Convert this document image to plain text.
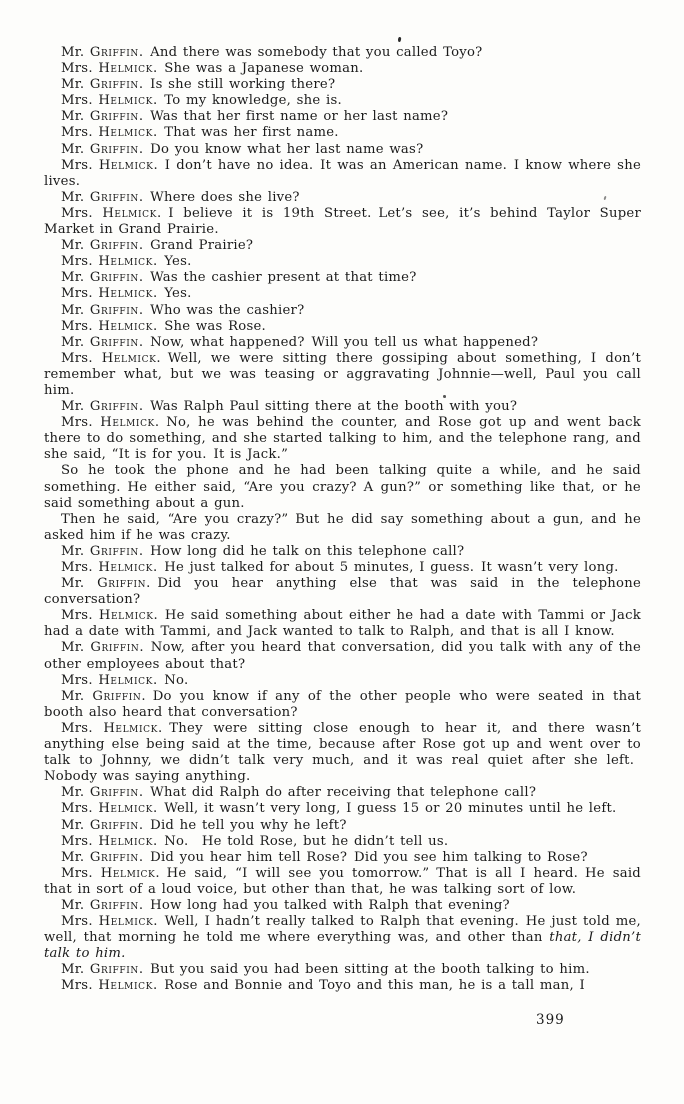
Mr. Griffin.  And there was somebody that you called Toyo?

Mrs. Helmick.  She was a Japanese woman.

Mr. Griffin.  Is she still working there?

Mrs. Helmick.  To my knowledge, she is.

Mr. Griffin.  Was that her first name or her last name?

Mrs. Helmick.  That was her first name.

Mr. Griffin.  Do you know what her last name was?

Mrs. Helmick.  I don’t have no idea. It was an American name. I know where she lives.

Mr. Griffin.  Where does she live?

Mrs. Helmick.  I believe it is 19th Street. Let’s see, it’s behind Taylor Super Market in Grand Prairie.

Mr. Griffin.  Grand Prairie?

Mrs. Helmick.  Yes.

Mr. Griffin.  Was the cashier present at that time?

Mrs. Helmick.  Yes.

Mr. Griffin.  Who was the cashier?

Mrs. Helmick.  She was Rose.

Mr. Griffin.  Now, what happened? Will you tell us what happened?

Mrs. Helmick.  Well, we were sitting there gossiping about something, I don’t remember what, but we was teasing or aggravating Johnnie—well, Paul you call him.

Mr. Griffin.  Was Ralph Paul sitting there at the booth with you?

Mrs. Helmick.  No, he was behind the counter, and Rose got up and went back there to do something, and she started talking to him, and the telephone rang, and she said, “It is for you. It is Jack.”

So he took the phone and he had been talking quite a while, and he said something. He either said, “Are you crazy? A gun?” or something like that, or he said something about a gun.

Then he said, “Are you crazy?” But he did say something about a gun, and he asked him if he was crazy.

Mr. Griffin.  How long did he talk on this telephone call?

Mrs. Helmick.  He just talked for about 5 minutes, I guess. It wasn’t very long.

Mr. Griffin.  Did you hear anything else that was said in the telephone conversation?

Mrs. Helmick.  He said something about either he had a date with Tammi or Jack had a date with Tammi, and Jack wanted to talk to Ralph, and that is all I know.

Mr. Griffin.  Now, after you heard that conversation, did you talk with any of the other employees about that?

Mrs. Helmick.  No.

Mr. Griffin.  Do you know if any of the other people who were seated in that booth also heard that conversation?

Mrs. Helmick.  They were sitting close enough to hear it, and there wasn’t anything else being said at the time, because after Rose got up and went over to talk to Johnny, we didn’t talk very much, and it was real quiet after she left. Nobody was saying anything.

Mr. Griffin.  What did Ralph do after receiving that telephone call?

Mrs. Helmick.  Well, it wasn’t very long, I guess 15 or 20 minutes until he left.

Mr. Griffin.  Did he tell you why he left?

Mrs. Helmick.  No. He told Rose, but he didn’t tell us.

Mr. Griffin.  Did you hear him tell Rose? Did you see him talking to Rose?

Mrs. Helmick.  He said, “I will see you tomorrow.” That is all I heard. He said that in sort of a loud voice, but other than that, he was talking sort of low.

Mr. Griffin.  How long had you talked with Ralph that evening?

Mrs. Helmick.  Well, I hadn’t really talked to Ralph that evening. He just told me, well, that morning he told me where everything was, and other than that, I didn’t talk to him.

Mr. Griffin.  But you said you had been sitting at the booth talking to him.

Mrs. Helmick.  Rose and Bonnie and Toyo and this man, he is a tall man, I

399
